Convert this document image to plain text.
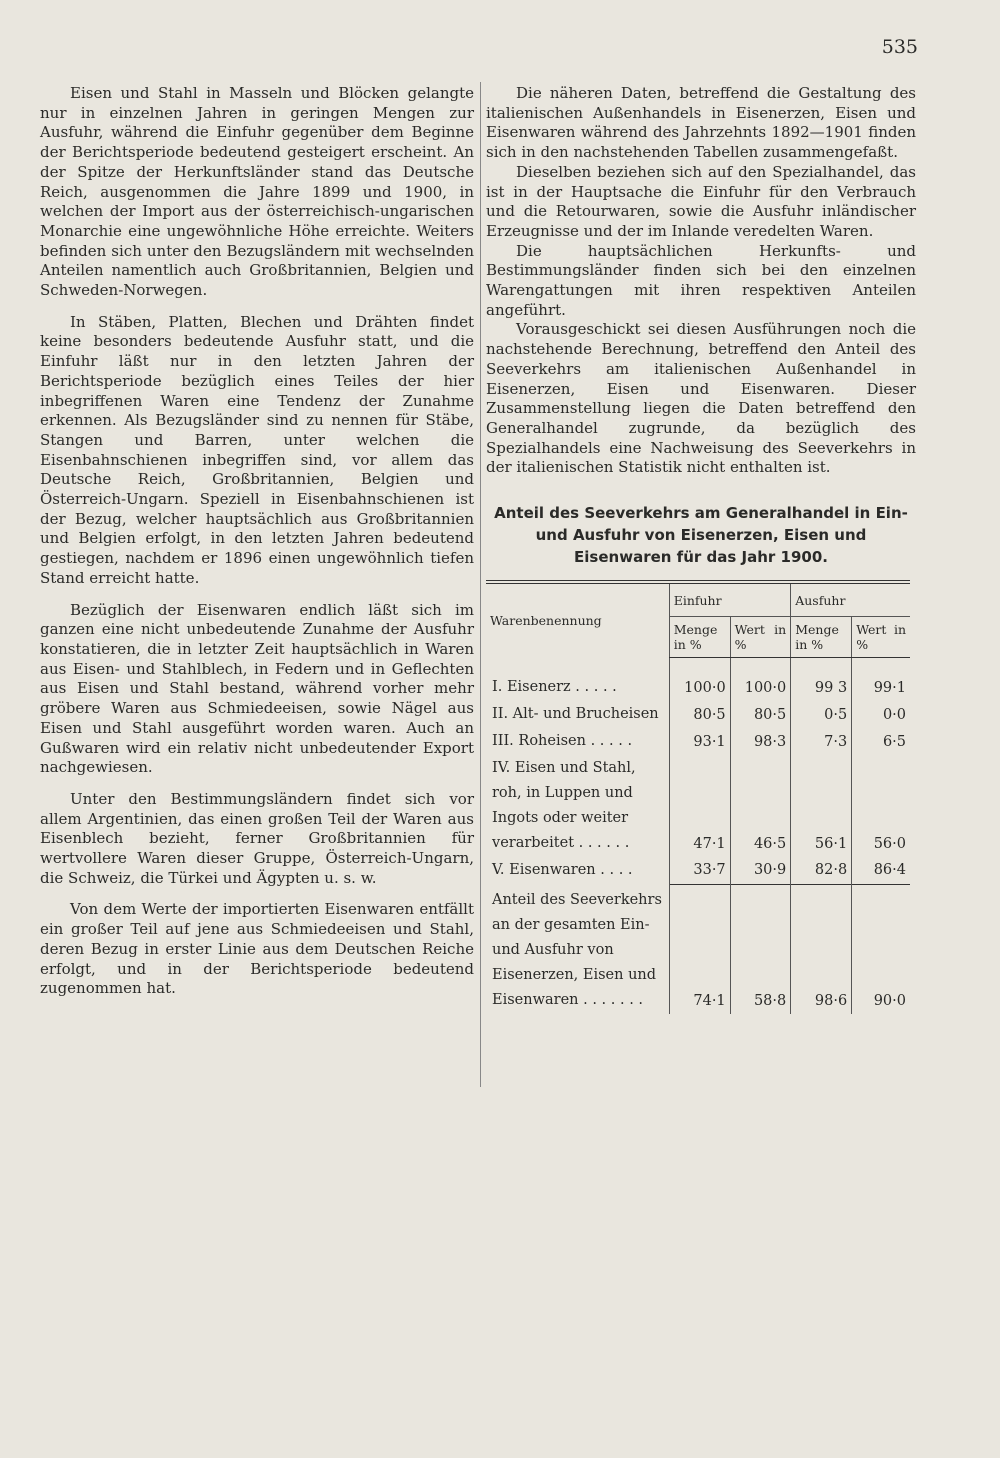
535

Eisen und Stahl in Masseln und Blöcken gelangte nur in einzelnen Jahren in geringen Mengen zur Ausfuhr, während die Einfuhr gegenüber dem Beginne der Berichtsperiode bedeutend gesteigert erscheint. An der Spitze der Herkunftsländer stand das Deutsche Reich, ausgenommen die Jahre 1899 und 1900, in welchen der Import aus der österreichisch-ungarischen Monarchie eine ungewöhnliche Höhe erreichte. Weiters befinden sich unter den Bezugsländern mit wechselnden Anteilen namentlich auch Großbritannien, Belgien und Schweden-Norwegen.

In Stäben, Platten, Blechen und Drähten findet keine besonders bedeutende Ausfuhr statt, und die Einfuhr läßt nur in den letzten Jahren der Berichtsperiode bezüglich eines Teiles der hier inbegriffenen Waren eine Tendenz der Zunahme erkennen. Als Bezugsländer sind zu nennen für Stäbe, Stangen und Barren, unter welchen die Eisenbahnschienen inbegriffen sind, vor allem das Deutsche Reich, Großbritannien, Belgien und Österreich-Ungarn. Speziell in Eisenbahnschienen ist der Bezug, welcher hauptsächlich aus Großbritannien und Belgien erfolgt, in den letzten Jahren bedeutend gestiegen, nachdem er 1896 einen ungewöhnlich tiefen Stand erreicht hatte.

Bezüglich der Eisenwaren endlich läßt sich im ganzen eine nicht unbedeutende Zunahme der Ausfuhr konstatieren, die in letzter Zeit hauptsächlich in Waren aus Eisen- und Stahlblech, in Federn und in Geflechten aus Eisen und Stahl bestand, während vorher mehr gröbere Waren aus Schmiedeeisen, sowie Nägel aus Eisen und Stahl ausgeführt worden waren. Auch an Gußwaren wird ein relativ nicht unbedeutender Export nachgewiesen.

Unter den Bestimmungsländern findet sich vor allem Argentinien, das einen großen Teil der Waren aus Eisenblech bezieht, ferner Großbritannien für wertvollere Waren dieser Gruppe, Österreich-Ungarn, die Schweiz, die Türkei und Ägypten u. s. w.

Von dem Werte der importierten Eisenwaren entfällt ein großer Teil auf jene aus Schmiedeeisen und Stahl, deren Bezug in erster Linie aus dem Deutschen Reiche erfolgt, und in der Berichtsperiode bedeutend zugenommen hat.

Die näheren Daten, betreffend die Gestaltung des italienischen Außenhandels in Eisenerzen, Eisen und Eisenwaren während des Jahrzehnts 1892—1901 finden sich in den nachstehenden Tabellen zusammengefaßt.

Dieselben beziehen sich auf den Spezialhandel, das ist in der Hauptsache die Einfuhr für den Verbrauch und die Retourwaren, sowie die Ausfuhr inländischer Erzeugnisse und der im Inlande veredelten Waren.

Die hauptsächlichen Herkunfts- und Bestimmungsländer finden sich bei den einzelnen Warengattungen mit ihren respektiven Anteilen angeführt.

Vorausgeschickt sei diesen Ausführungen noch die nachstehende Berechnung, betreffend den Anteil des Seeverkehrs am italienischen Außenhandel in Eisenerzen, Eisen und Eisenwaren. Dieser Zusammenstellung liegen die Daten betreffend den Generalhandel zugrunde, da bezüglich des Spezialhandels eine Nachweisung des Seeverkehrs in der italienischen Statistik nicht enthalten ist.

Anteil des Seeverkehrs am Generalhandel in Ein- und Ausfuhr von Eisenerzen, Eisen und Eisenwaren für das Jahr 1900.
Warenbenennung	Einfuhr		Ausfuhr	
	Menge in %	Wert in %	Menge in %	Wert in %

I. Eisenerz . . . . .	100·0	100·0	99 3	99·1
II. Alt- und Brucheisen	80·5	80·5	0·5	0·0
III. Roheisen . . . . .	93·1	98·3	7·3	6·5
IV. Eisen und Stahl, roh, in Luppen und Ingots oder weiter verarbeitet . . . . . .	47·1	46·5	56·1	56·0
V. Eisenwaren . . . .	33·7	30·9	82·8	86·4
Anteil des Seeverkehrs an der gesamten Ein- und Ausfuhr von Eisenerzen, Eisen und Eisenwaren . . . . . . .	74·1	58·8	98·6	90·0
